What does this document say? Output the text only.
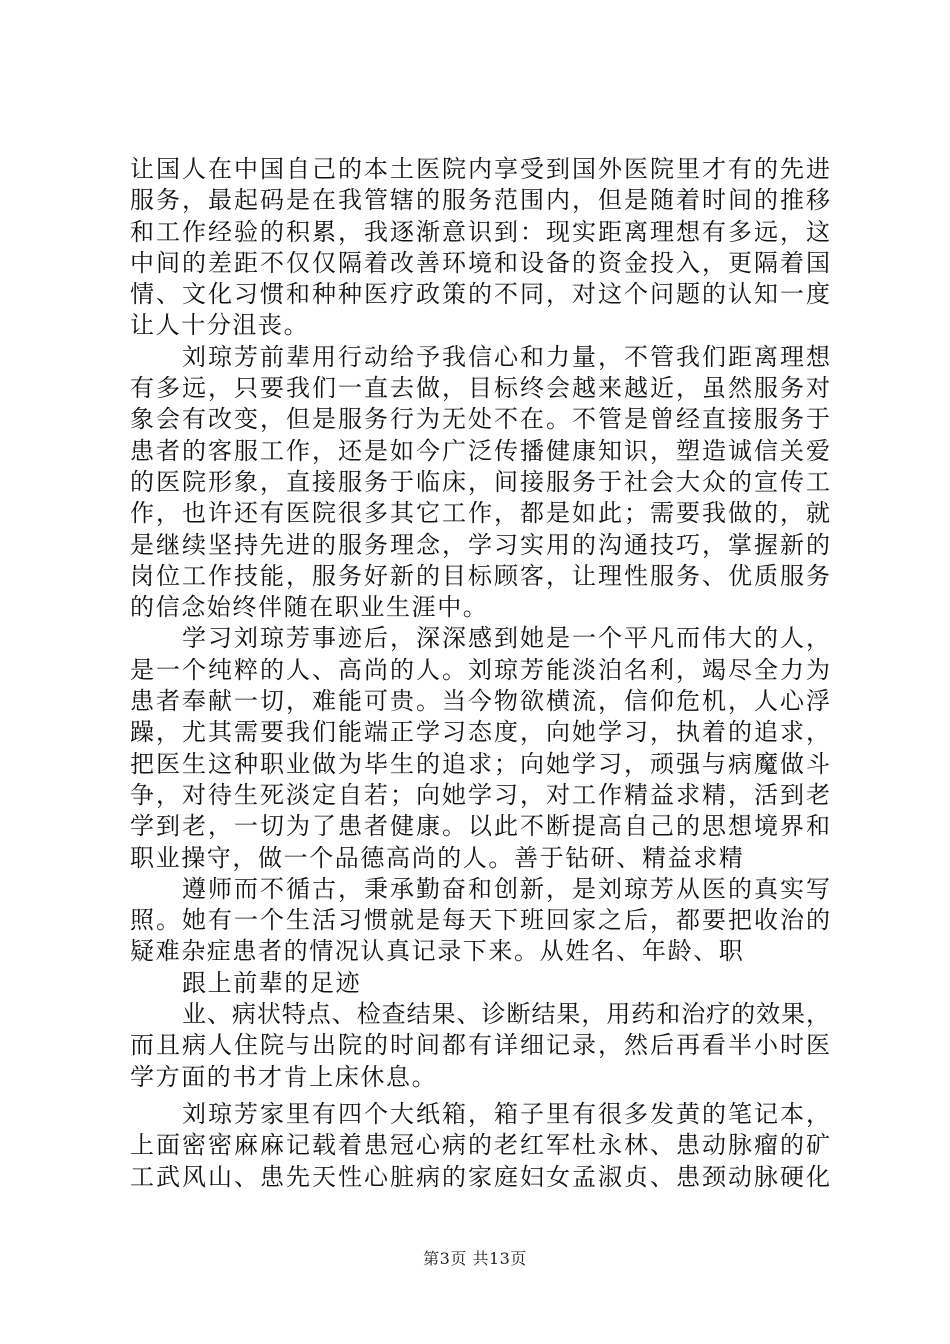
让国人在中国自己的本土医院内享受到国外医院里才有的先进
服务，最起码是在我管辖的服务范围内，但是随着时间的推移
和工作经验的积累，我逐渐意识到：现实距离理想有多远，这
中间的差距不仅仅隔着改善环境和设备的资金投入，更隔着国
情、文化习惯和种种医疗政策的不同，对这个问题的认知一度
让人十分沮丧。
刘琼芳前辈用行动给予我信心和力量，不管我们距离理想
有多远，只要我们一直去做，目标终会越来越近，虽然服务对
象会有改变，但是服务行为无处不在。不管是曾经直接服务于
患者的客服工作，还是如今广泛传播健康知识，塑造诚信关爱
的医院形象，直接服务于临床，间接服务于社会大众的宣传工
作，也许还有医院很多其它工作，都是如此；需要我做的，就
是继续坚持先进的服务理念，学习实用的沟通技巧，掌握新的
岗位工作技能，服务好新的目标顾客，让理性服务、优质服务
的信念始终伴随在职业生涯中。
学习刘琼芳事迹后，深深感到她是一个平凡而伟大的人，
是一个纯粹的人、高尚的人。刘琼芳能淡泊名利，竭尽全力为
患者奉献一切，难能可贵。当今物欲横流，信仰危机，人心浮
躁，尤其需要我们能端正学习态度，向她学习，执着的追求，
把医生这种职业做为毕生的追求；向她学习，顽强与病魔做斗
争，对待生死淡定自若；向她学习，对工作精益求精，活到老
学到老，一切为了患者健康。以此不断提高自己的思想境界和
职业操守，做一个品德高尚的人。善于钻研、精益求精
遵师而不循古，秉承勤奋和创新，是刘琼芳从医的真实写
照。她有一个生活习惯就是每天下班回家之后，都要把收治的
疑难杂症患者的情况认真记录下来。从姓名、年龄、职
跟上前辈的足迹
业、病状特点、检查结果、诊断结果，用药和治疗的效果，
而且病人住院与出院的时间都有详细记录，然后再看半小时医
学方面的书才肯上床休息。
刘琼芳家里有四个大纸箱，箱子里有很多发黄的笔记本，
上面密密麻麻记载着患冠心病的老红军杜永林、患动脉瘤的矿
工武风山、患先天性心脏病的家庭妇女孟淑贞、患颈动脉硬化
第3页 共13页
